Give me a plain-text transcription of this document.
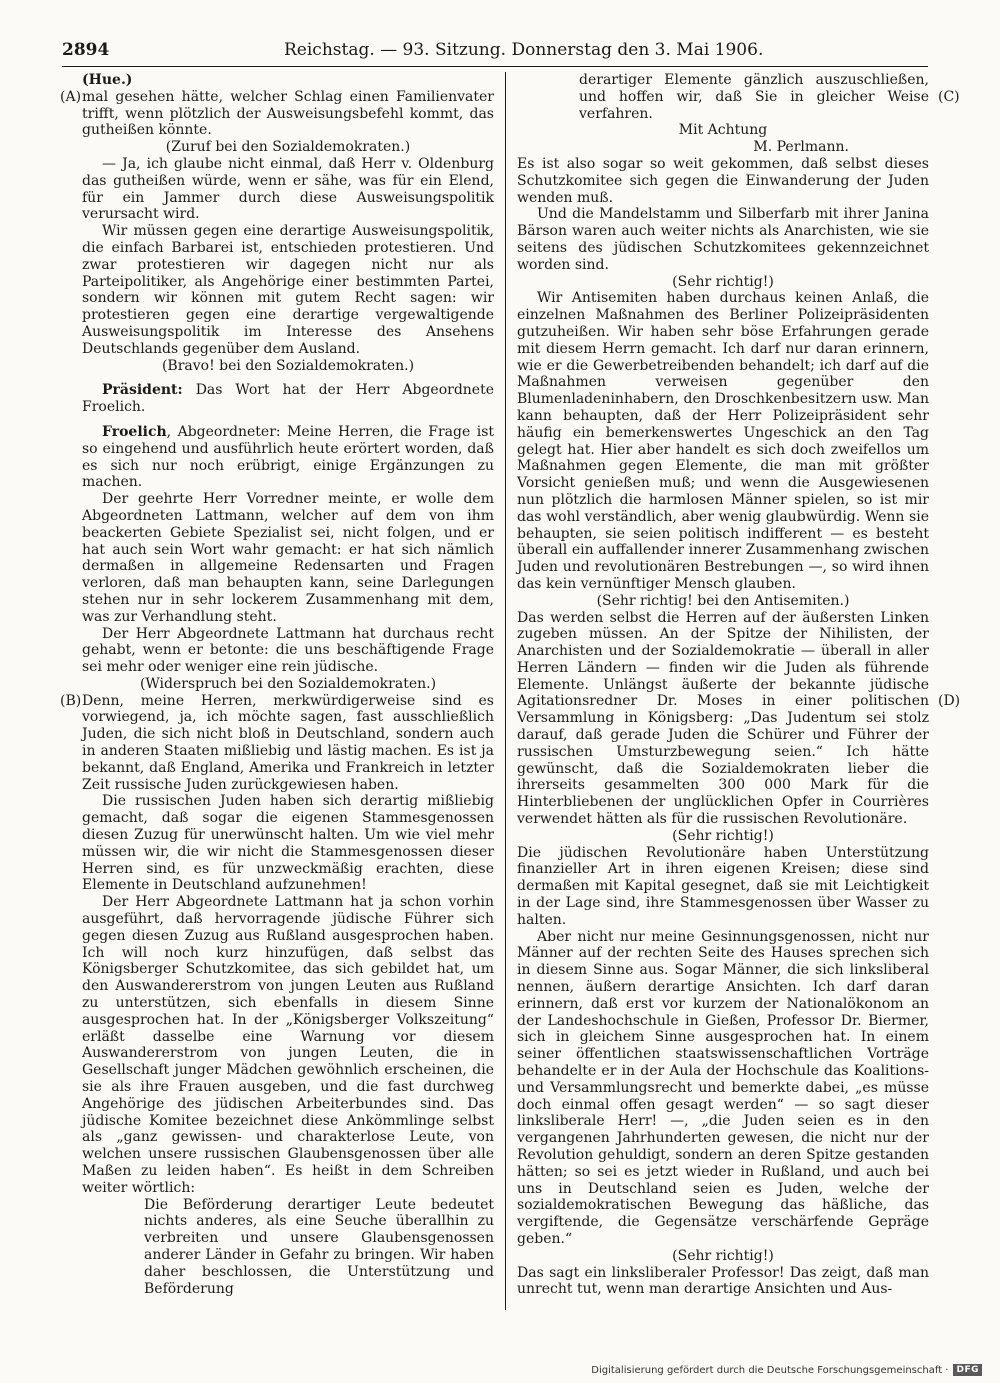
2894	Reichstag. — 93. Sitzung. Donnerstag den 3. Mai 1906.
(A)
(B)
(C)
(D)

(Hue.)

mal gesehen hätte, welcher Schlag einen Familienvater trifft, wenn plötzlich der Ausweisungsbefehl kommt, das gutheißen könnte.

(Zuruf bei den Sozialdemokraten.)

— Ja, ich glaube nicht einmal, daß Herr v. Oldenburg das gutheißen würde, wenn er sähe, was für ein Elend, für ein Jammer durch diese Ausweisungspolitik verursacht wird.

Wir müssen gegen eine derartige Ausweisungspolitik, die einfach Barbarei ist, entschieden protestieren. Und zwar protestieren wir dagegen nicht nur als Parteipolitiker, als Angehörige einer bestimmten Partei, sondern wir können mit gutem Recht sagen: wir protestieren gegen eine derartige vergewaltigende Ausweisungspolitik im Interesse des Ansehens Deutschlands gegenüber dem Ausland.

(Bravo! bei den Sozialdemokraten.)

Präsident: Das Wort hat der Herr Abgeordnete Froelich.

Froelich, Abgeordneter: Meine Herren, die Frage ist so eingehend und ausführlich heute erörtert worden, daß es sich nur noch erübrigt, einige Ergänzungen zu machen.

Der geehrte Herr Vorredner meinte, er wolle dem Abgeordneten Lattmann, welcher auf dem von ihm beackerten Gebiete Spezialist sei, nicht folgen, und er hat auch sein Wort wahr gemacht: er hat sich nämlich dermaßen in allgemeine Redensarten und Fragen verloren, daß man behaupten kann, seine Darlegungen stehen nur in sehr lockerem Zusammenhang mit dem, was zur Verhandlung steht.

Der Herr Abgeordnete Lattmann hat durchaus recht gehabt, wenn er betonte: die uns beschäftigende Frage sei mehr oder weniger eine rein jüdische.

(Widerspruch bei den Sozialdemokraten.)

Denn, meine Herren, merkwürdigerweise sind es vorwiegend, ja, ich möchte sagen, fast ausschließlich Juden, die sich nicht bloß in Deutschland, sondern auch in anderen Staaten mißliebig und lästig machen. Es ist ja bekannt, daß England, Amerika und Frankreich in letzter Zeit russische Juden zurückgewiesen haben.

Die russischen Juden haben sich derartig mißliebig gemacht, daß sogar die eigenen Stammesgenossen diesen Zuzug für unerwünscht halten. Um wie viel mehr müssen wir, die wir nicht die Stammesgenossen dieser Herren sind, es für unzweckmäßig erachten, diese Elemente in Deutschland aufzunehmen!

Der Herr Abgeordnete Lattmann hat ja schon vorhin ausgeführt, daß hervorragende jüdische Führer sich gegen diesen Zuzug aus Rußland ausgesprochen haben. Ich will noch kurz hinzufügen, daß selbst das Königsberger Schutzkomitee, das sich gebildet hat, um den Auswandererstrom von jungen Leuten aus Rußland zu unterstützen, sich ebenfalls in diesem Sinne ausgesprochen hat. In der „Königsberger Volkszeitung“ erläßt dasselbe eine Warnung vor diesem Auswandererstrom von jungen Leuten, die in Gesellschaft junger Mädchen gewöhnlich erscheinen, die sie als ihre Frauen ausgeben, und die fast durchweg Angehörige des jüdischen Arbeiterbundes sind. Das jüdische Komitee bezeichnet diese Ankömmlinge selbst als „ganz gewissen- und charakterlose Leute, von welchen unsere russischen Glaubensgenossen über alle Maßen zu leiden haben“. Es heißt in dem Schreiben weiter wörtlich:

Die Beförderung derartiger Leute bedeutet nichts anderes, als eine Seuche überallhin zu verbreiten und unsere Glaubensgenossen anderer Länder in Gefahr zu bringen. Wir haben daher beschlossen, die Unterstützung und Beförderung

derartiger Elemente gänzlich auszuschließen, und hoffen wir, daß Sie in gleicher Weise verfahren.

Mit Achtung

M. Perlmann.

Es ist also sogar so weit gekommen, daß selbst dieses Schutzkomitee sich gegen die Einwanderung der Juden wenden muß.

Und die Mandelstamm und Silberfarb mit ihrer Janina Bärson waren auch weiter nichts als Anarchisten, wie sie seitens des jüdischen Schutzkomitees gekennzeichnet worden sind.

(Sehr richtig!)

Wir Antisemiten haben durchaus keinen Anlaß, die einzelnen Maßnahmen des Berliner Polizeipräsidenten gutzuheißen. Wir haben sehr böse Erfahrungen gerade mit diesem Herrn gemacht. Ich darf nur daran erinnern, wie er die Gewerbetreibenden behandelt; ich darf auf die Maßnahmen verweisen gegenüber den Blumenladeninhabern, den Droschkenbesitzern usw. Man kann behaupten, daß der Herr Polizeipräsident sehr häufig ein bemerkenswertes Ungeschick an den Tag gelegt hat. Hier aber handelt es sich doch zweifellos um Maßnahmen gegen Elemente, die man mit größter Vorsicht genießen muß; und wenn die Ausgewiesenen nun plötzlich die harmlosen Männer spielen, so ist mir das wohl verständlich, aber wenig glaubwürdig. Wenn sie behaupten, sie seien politisch indifferent — es besteht überall ein auffallender innerer Zusammenhang zwischen Juden und revolutionären Bestrebungen —, so wird ihnen das kein vernünftiger Mensch glauben.

(Sehr richtig! bei den Antisemiten.)

Das werden selbst die Herren auf der äußersten Linken zugeben müssen. An der Spitze der Nihilisten, der Anarchisten und der Sozialdemokratie — überall in aller Herren Ländern — finden wir die Juden als führende Elemente. Unlängst äußerte der bekannte jüdische Agitationsredner Dr. Moses in einer politischen Versammlung in Königsberg: „Das Judentum sei stolz darauf, daß gerade Juden die Schürer und Führer der russischen Umsturzbewegung seien.“ Ich hätte gewünscht, daß die Sozialdemokraten lieber die ihrerseits gesammelten 300 000 Mark für die Hinterbliebenen der unglücklichen Opfer in Courrières verwendet hätten als für die russischen Revolutionäre.

(Sehr richtig!)

Die jüdischen Revolutionäre haben Unterstützung finanzieller Art in ihren eigenen Kreisen; diese sind dermaßen mit Kapital gesegnet, daß sie mit Leichtigkeit in der Lage sind, ihre Stammesgenossen über Wasser zu halten.

Aber nicht nur meine Gesinnungsgenossen, nicht nur Männer auf der rechten Seite des Hauses sprechen sich in diesem Sinne aus. Sogar Männer, die sich linksliberal nennen, äußern derartige Ansichten. Ich darf daran erinnern, daß erst vor kurzem der Nationalökonom an der Landeshochschule in Gießen, Professor Dr. Biermer, sich in gleichem Sinne ausgesprochen hat. In einem seiner öffentlichen staatswissenschaftlichen Vorträge behandelte er in der Aula der Hochschule das Koalitions- und Versammlungsrecht und bemerkte dabei, „es müsse doch einmal offen gesagt werden“ — so sagt dieser linksliberale Herr! —, „die Juden seien es in den vergangenen Jahrhunderten gewesen, die nicht nur der Revolution gehuldigt, sondern an deren Spitze gestanden hätten; so sei es jetzt wieder in Rußland, und auch bei uns in Deutschland seien es Juden, welche der sozialdemokratischen Bewegung das häßliche, das vergiftende, die Gegensätze verschärfende Gepräge geben.“

(Sehr richtig!)

Das sagt ein linksliberaler Professor! Das zeigt, daß man unrecht tut, wenn man derartige Ansichten und Aus-

Digitalisierung gefördert durch die Deutsche Forschungsgemeinschaft · DFG
